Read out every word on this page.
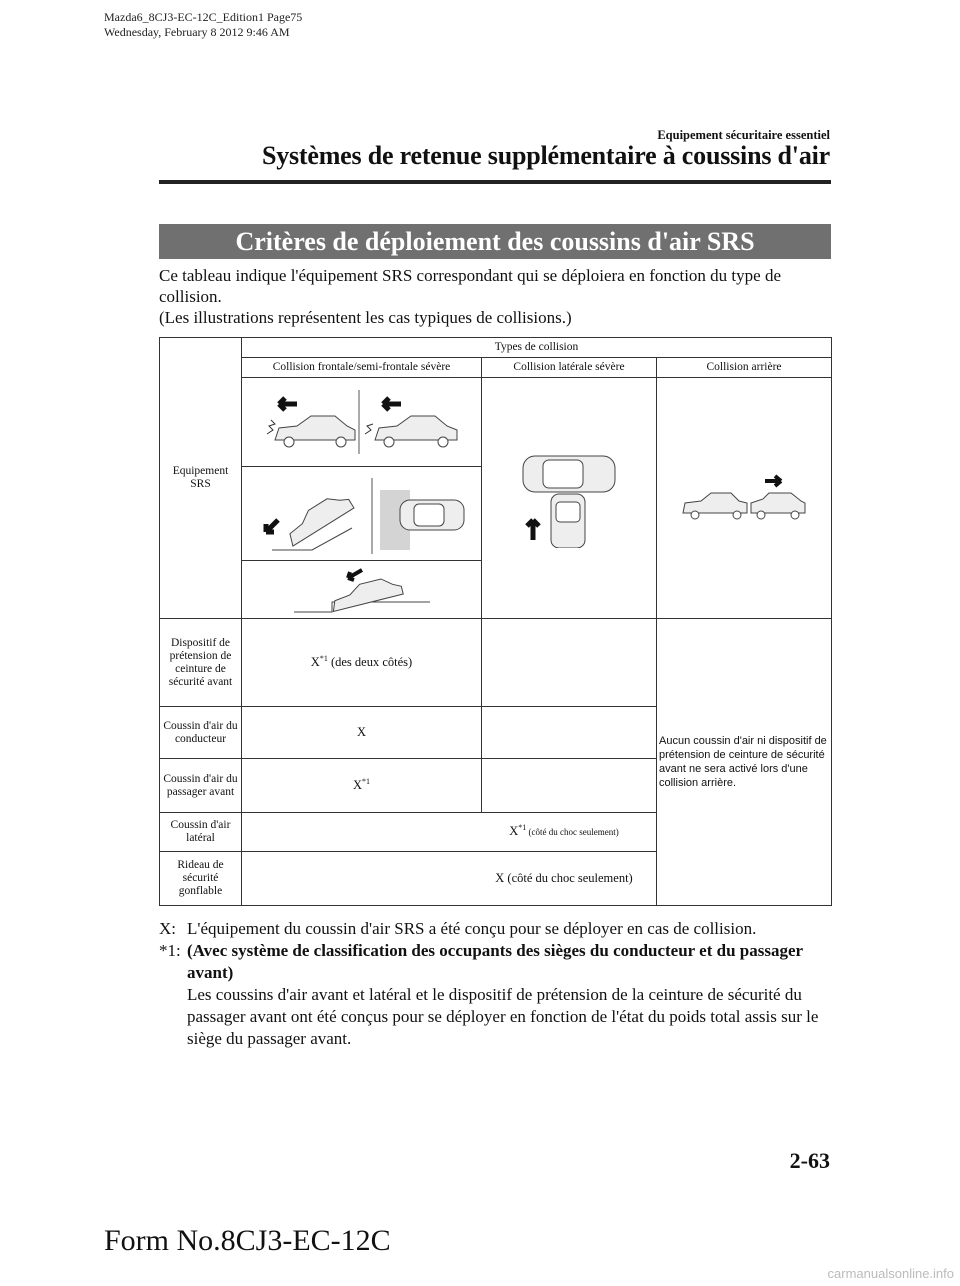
Mazda6_8CJ3-EC-12C_Edition1 Page75
Wednesday, February 8 2012 9:46 AM
Equipement sécuritaire essentiel
Systèmes de retenue supplémentaire à coussins d'air
Critères de déploiement des coussins d'air SRS

Ce tableau indique l'équipement SRS correspondant qui se déploiera en fonction du type de collision.

(Les illustrations représentent les cas typiques de collisions.)

Equipement SRS	Types de collision		
	Collision frontale/semi-frontale sévère	Collision latérale sévère	Collision arrière

Dispositif de prétension de ceinture de sécurité avant	$X^{*1}$ (des deux côtés)		Aucun coussin d'air ni dispositif de prétension de ceinture de sécurité avant ne sera activé lors d'une collision arrière.
Coussin d'air du conducteur	X		
Coussin d'air du passager avant	$X^{*1}$	
Coussin d'air latéral	$X^{*1}$ (côté du choc seulement)		
Rideau de sécurité gonflable	X (côté du choc seulement)		
X: L'équipement du coussin d'air SRS a été conçu pour se déployer en cas de collision.
*1: (Avec système de classification des occupants des sièges du conducteur et du passager avant)
Les coussins d'air avant et latéral et le dispositif de prétension de la ceinture de sécurité du passager avant ont été conçus pour se déployer en fonction de l'état du poids total assis sur le siège du passager avant.
2-63
Form No.8CJ3-EC-12C
carmanualsonline.info
